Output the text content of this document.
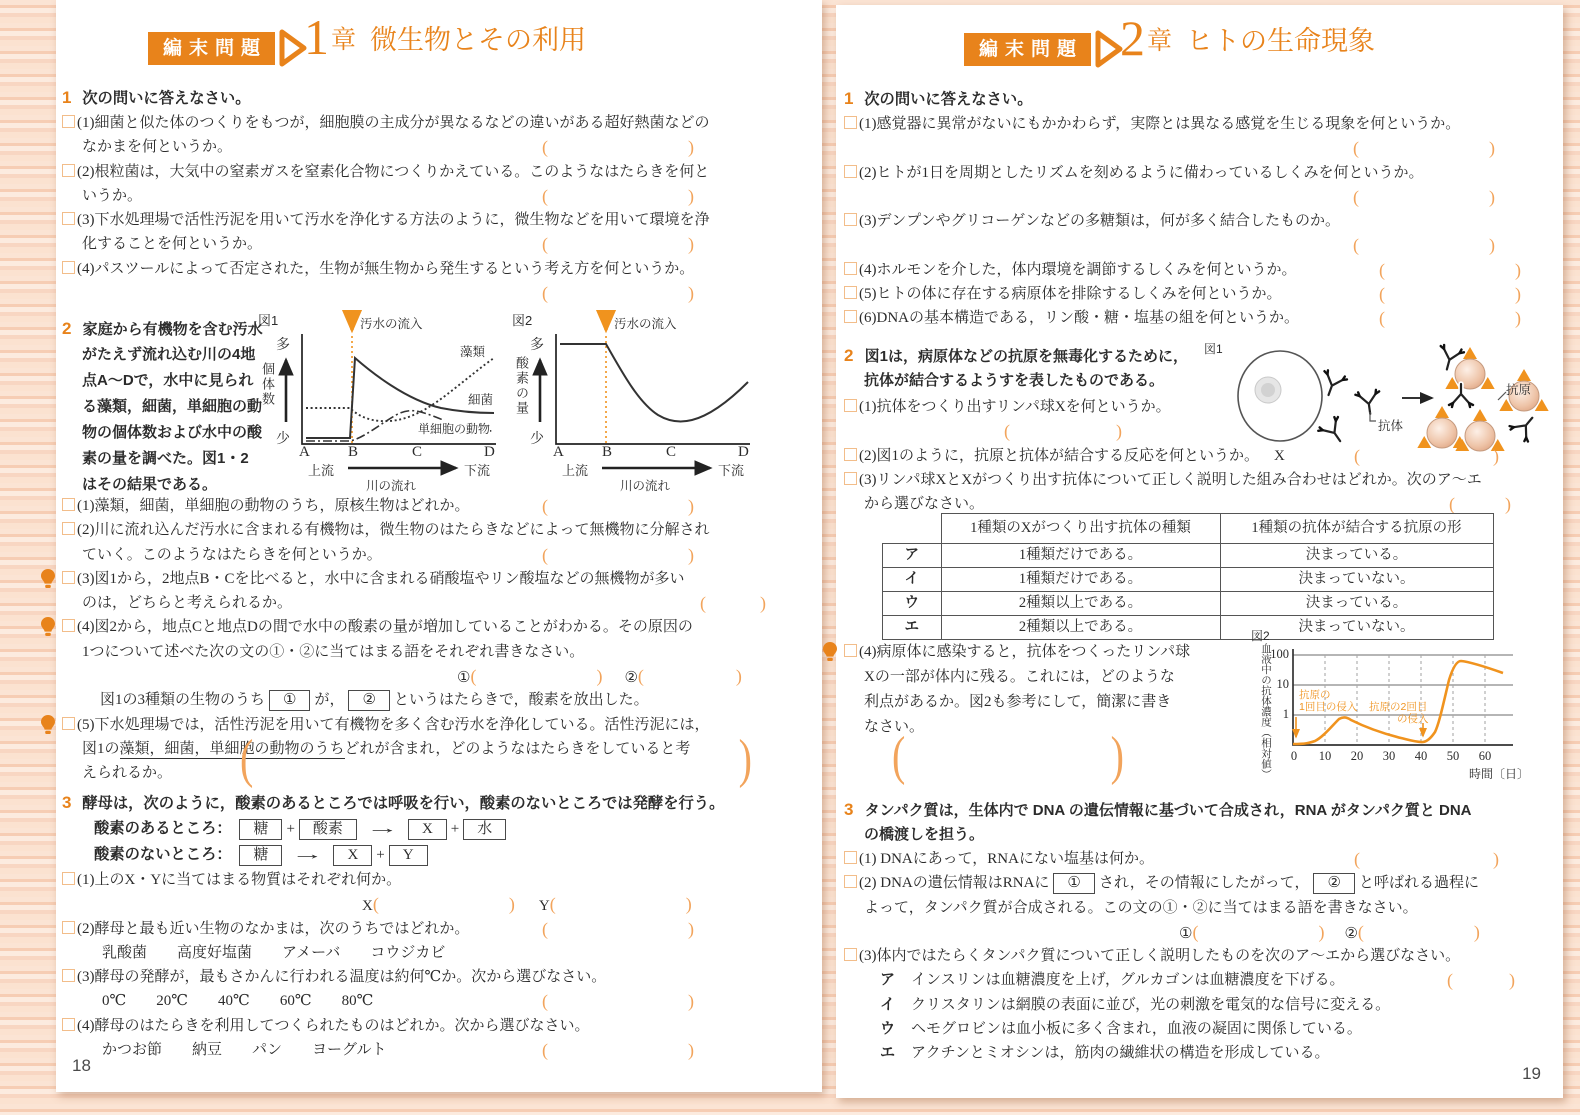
編末問題 1 章 微生物とその利用
1 次の問いに答えなさい。
(1)細菌と似た体のつくりをもつが，細胞膜の主成分が異なるなどの違いがある超好熱菌などの
なかまを何というか。	(	)
(2)根粒菌は，大気中の窒素ガスを窒素化合物につくりかえている。このようなはたらきを何と
いうか。	(	)
(3)下水処理場で活性汚泥を用いて汚水を浄化する方法のように，微生物などを用いて環境を浄
化することを何というか。	(	)
(4)パスツールによって否定された，生物が無生物から発生するという考え方を何というか。
(	)
2 家庭から有機物を含む汚水
がたえず流れ込む川の4地
点A〜Dで，水中に見られ
る藻類，細菌，単細胞の動
物の個体数および水中の酸
素の量を調べた。図1・2
はその結果である。
図1
多
個体数
少
A	B	C	D
上流	下流
川の流れ
汚水の流入
藻類
細菌
単細胞の動物
図2
多
酸素の量
少
A	B	C	D
上流	下流
川の流れ
汚水の流入
(1)藻類，細菌，単細胞の動物のうち，原核生物はどれか。	(	)
(2)川に流れ込んだ汚水に含まれる有機物は，微生物のはたらきなどによって無機物に分解され
ていく。このようなはたらきを何というか。	(	)
(3)図1から，2地点B・Cを比べると，水中に含まれる硝酸塩やリン酸塩などの無機物が多い
のは，どちらと考えられるか。	(	)
(4)図2から，地点Cと地点Dの間で水中の酸素の量が増加していることがわかる。その原因の
1つについて述べた次の文の①・②に当てはまる語をそれぞれ書きなさい。
① (	) ② (	)
図1の3種類の生物のうち ① が， ② というはたらきで，酸素を放出した。
(5)下水処理場では，活性汚泥を用いて有機物を多く含む汚水を浄化している。活性汚泥には，
図1の藻類，細菌，単細胞の動物のうちどれが含まれ，どのようなはたらきをしていると考
えられるか。 (	)
3 酵母は，次のように，酸素のあるところでは呼吸を行い，酸素のないところでは発酵を行う。
酸素のあるところ： 糖 + 酸素 → X + 水
酸素のないところ： 糖 → X + Y
(1)上のX・Yに当てはまる物質はそれぞれ何か。
X (	) Y (	)
(2)酵母と最も近い生物のなかまは，次のうちではどれか。	(	)
乳酸菌　　高度好塩菌　　アメーバ　　コウジカビ
(3)酵母の発酵が，最もさかんに行われる温度は約何℃か。次から選びなさい。
0℃　　20℃　　40℃　　60℃　　80℃	(	)
(4)酵母のはたらきを利用してつくられたものはどれか。次から選びなさい。
かつお節　　納豆　　パン　　ヨーグルト	(	)
18
編末問題 2 章 ヒトの生命現象
1 次の問いに答えなさい。
(1)感覚器に異常がないにもかかわらず，実際とは異なる感覚を生じる現象を何というか。
(	)
(2)ヒトが1日を周期としたリズムを刻めるように備わっているしくみを何というか。
(	)
(3)デンプンやグリコーゲンなどの多糖類は，何が多く結合したものか。
(	)
(4)ホルモンを介した，体内環境を調節するしくみを何というか。	(	)
(5)ヒトの体に存在する病原体を排除するしくみを何というか。	(	)
(6)DNAの基本構造である，リン酸・糖・塩基の組を何というか。	(	)
2 図1は，病原体などの抗原を無毒化するために，
抗体が結合するようすを表したものである。
図1
X
抗体
抗原
(1)抗体をつくり出すリンパ球Xを何というか。
(	)
(2)図1のように，抗原と抗体が結合する反応を何というか。	(	)
(3)リンパ球XとXがつくり出す抗体について正しく説明した組み合わせはどれか。次のア〜エ
から選びなさい。	(	)
	1種類のXがつくり出す抗体の種類	1種類の抗体が結合する抗原の形
ア	1種類だけである。	決まっている。
イ	1種類だけである。	決まっていない。
ウ	2種類以上である。	決まっている。
エ	2種類以上である。	決まっていない。
(4)病原体に感染すると，抗体をつくったリンパ球
Xの一部が体内に残る。これには，どのような
利点があるか。図2も参考にして，簡潔に書き
なさい。
(	)
図2
血液中の抗体濃度（相対値）
100
10
1
0	10	20	30	40	50	60
時間〔日〕
抗原の
1回目の侵入 抗原の2回目
の侵入
3 タンパク質は，生体内で DNA の遺伝情報に基づいて合成され，RNA がタンパク質と DNA
の橋渡しを担う。
(1) DNAにあって，RNAにない塩基は何か。	(	)
(2) DNAの遺伝情報はRNAに ① され，その情報にしたがって， ② と呼ばれる過程に
よって，タンパク質が合成される。この文の①・②に当てはまる語を書きなさい。
① (	) ② (	)
(3)体内ではたらくタンパク質について正しく説明したものを次のア〜エから選びなさい。
ア インスリンは血糖濃度を上げ，グルカゴンは血糖濃度を下げる。	(	)
イ クリスタリンは網膜の表面に並び，光の刺激を電気的な信号に変える。
ウ ヘモグロビンは血小板に多く含まれ，血液の凝固に関係している。
エ アクチンとミオシンは，筋肉の繊維状の構造を形成している。
19
